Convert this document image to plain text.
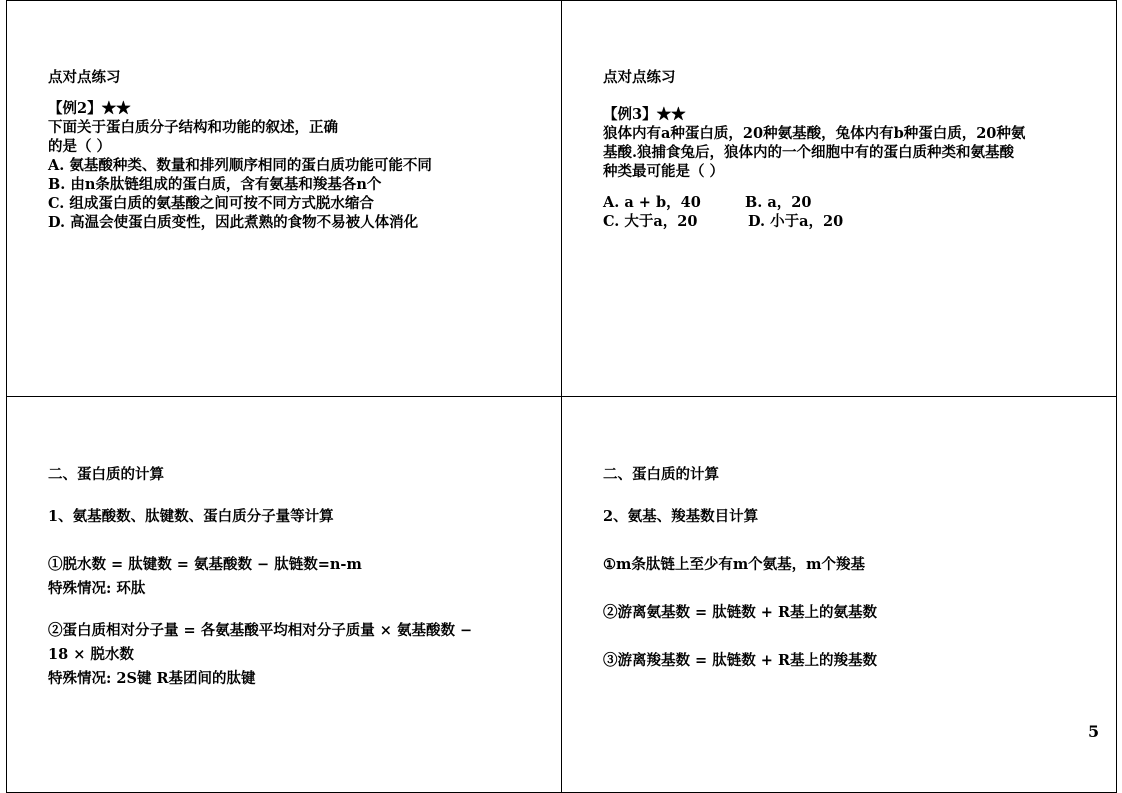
点对点练习
【例2】★★
下面关于蛋白质分子结构和功能的叙述，正确
的是（ ）
A. 氨基酸种类、数量和排列顺序相同的蛋白质功能可能不同
B. 由n条肽链组成的蛋白质，含有氨基和羧基各n个
C. 组成蛋白质的氨基酸之间可按不同方式脱水缩合
D. 高温会使蛋白质变性，因此煮熟的食物不易被人体消化
点对点练习
【例3】★★
狼体内有a种蛋白质，20种氨基酸，兔体内有b种蛋白质，20种氨
基酸.狼捕食兔后，狼体内的一个细胞中有的蛋白质种类和氨基酸
种类最可能是（ ）
A. a + b，40	B. a，20
C. 大于a，20	D. 小于a，20
二、蛋白质的计算
1、氨基酸数、肽键数、蛋白质分子量等计算
①脱水数 = 肽键数 = 氨基酸数 − 肽链数=n-m
特殊情况: 环肽
②蛋白质相对分子量 = 各氨基酸平均相对分子质量 × 氨基酸数 −
18 × 脱水数
特殊情况: 2S键 R基团间的肽键
二、蛋白质的计算
2、氨基、羧基数目计算
①m条肽链上至少有m个氨基，m个羧基
②游离氨基数 = 肽链数 + R基上的氨基数
③游离羧基数 = 肽链数 + R基上的羧基数
5
